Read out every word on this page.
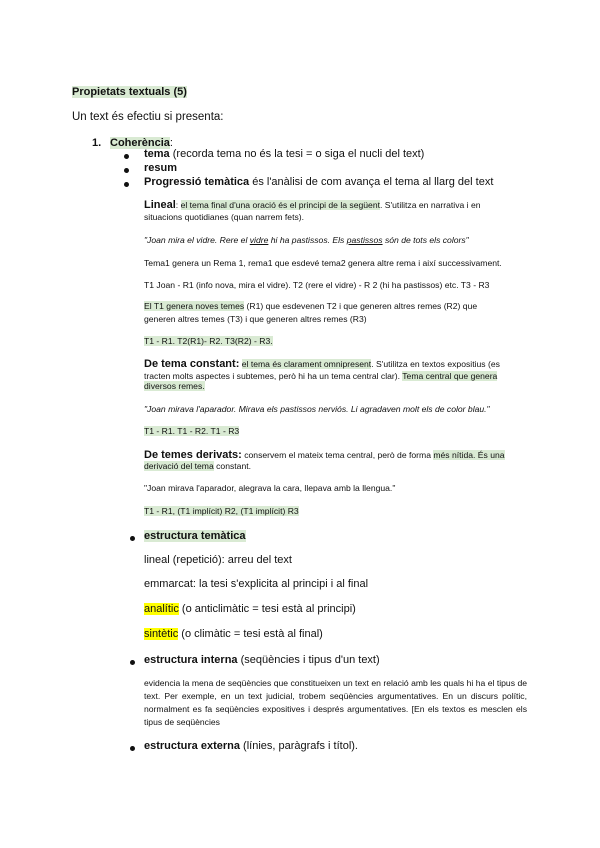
Propietats textuals (5)
Un text és efectiu si presenta:
1. Coherència:
tema (recorda tema no és la tesi = o siga el nucli del text)
resum
Progressió temàtica és l'anàlisi de com avança el tema al llarg del text
Lineal: el tema final d'una oració és el principi de la següent. S'utilitza en narrativa i en
situacions quotidianes (quan narrem fets).
"Joan mira el vidre. Rere el vidre hi ha pastissos. Els pastissos són de tots els colors"
Tema1 genera un Rema 1, rema1 que esdevé tema2 genera altre rema i així successivament.
T1 Joan - R1 (info nova, mira el vidre). T2 (rere el vidre) - R 2 (hi ha pastissos) etc. T3 - R3
El T1 genera noves temes (R1) que esdevenen T2 i que generen altres remes (R2) que
generen altres temes (T3) i que generen altres remes (R3)
T1 - R1. T2(R1)- R2. T3(R2) - R3.
De tema constant: el tema és clarament omnipresent. S'utilitza en textos expositius (es
tracten molts aspectes i subtemes, però hi ha un tema central clar). Tema central que genera
diversos remes.
"Joan mirava l'aparador. Mirava els pastissos nerviós. Li agradaven molt els de color blau."
T1 - R1. T1 - R2. T1 - R3
De temes derivats: conservem el mateix tema central, però de forma més nítida. És una
derivació del tema constant.
"Joan mirava l'aparador, alegrava la cara, llepava amb la llengua."
T1 - R1, (T1 implícit) R2, (T1 implícit) R3
estructura temàtica
lineal (repetició): arreu del text
emmarcat: la tesi s'explicita al principi i al final
analític (o anticlimàtic = tesi està al principi)
sintètic (o climàtic = tesi està al final)
estructura interna (seqüències i tipus d'un text)
evidencia la mena de seqüències que constitueixen un text en relació amb les quals hi ha el tipus de text. Per exemple, en un text judicial, trobem seqüències argumentatives. En un discurs polític, normalment es fa seqüències expositives i després argumentatives. [En els textos es mesclen els tipus de seqüències
estructura externa (línies, paràgrafs i títol).
